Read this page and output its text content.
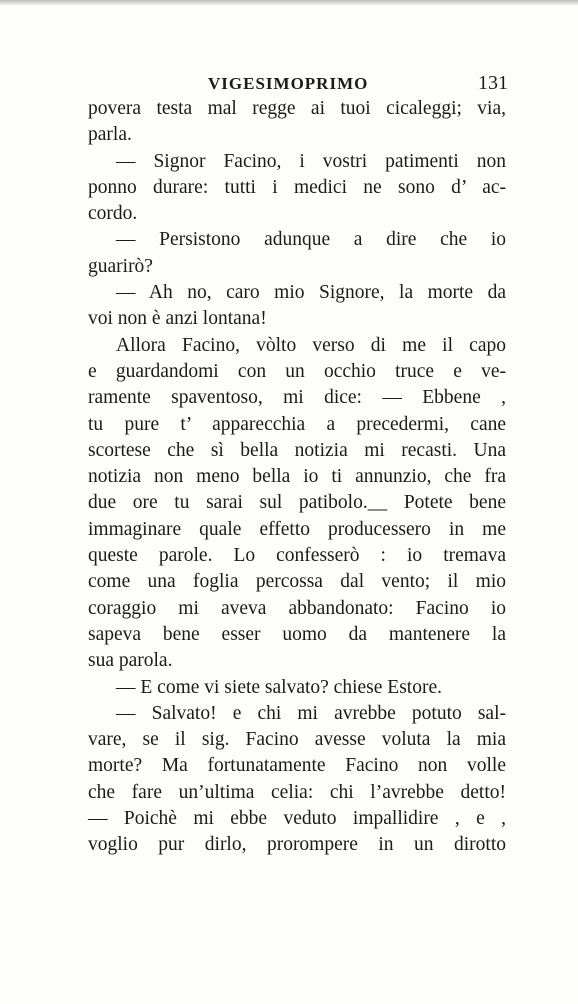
VIGESIMOPRIMO	131
povera testa mal regge ai tuoi cicaleggi; via,
parla.
— Signor Facino, i vostri patimenti non
ponno durare: tutti i medici ne sono d’ ac-
cordo.
— Persistono adunque a dire che io
guarirò?
— Ah no, caro mio Signore, la morte da
voi non è anzi lontana!
Allora Facino, vòlto verso di me il capo
e guardandomi con un occhio truce e ve-
ramente spaventoso, mi dice: — Ebbene ,
tu pure t’ apparecchia a precedermi, cane
scortese che sì bella notizia mi recasti. Una
notizia non meno bella io ti annunzio, che fra
due ore tu sarai sul patibolo.__ Potete bene
immaginare quale effetto producessero in me
queste parole. Lo confesserò : io tremava
come una foglia percossa dal vento; il mio
coraggio mi aveva abbandonato: Facino io
sapeva bene esser uomo da mantenere la
sua parola.
— E come vi siete salvato? chiese Estore.
— Salvato! e chi mi avrebbe potuto sal-
vare, se il sig. Facino avesse voluta la mia
morte? Ma fortunatamente Facino non volle
che fare un’ultima celia: chi l’avrebbe detto!
— Poichè mi ebbe veduto impallidire , e ,
voglio pur dirlo, prorompere in un dirotto
